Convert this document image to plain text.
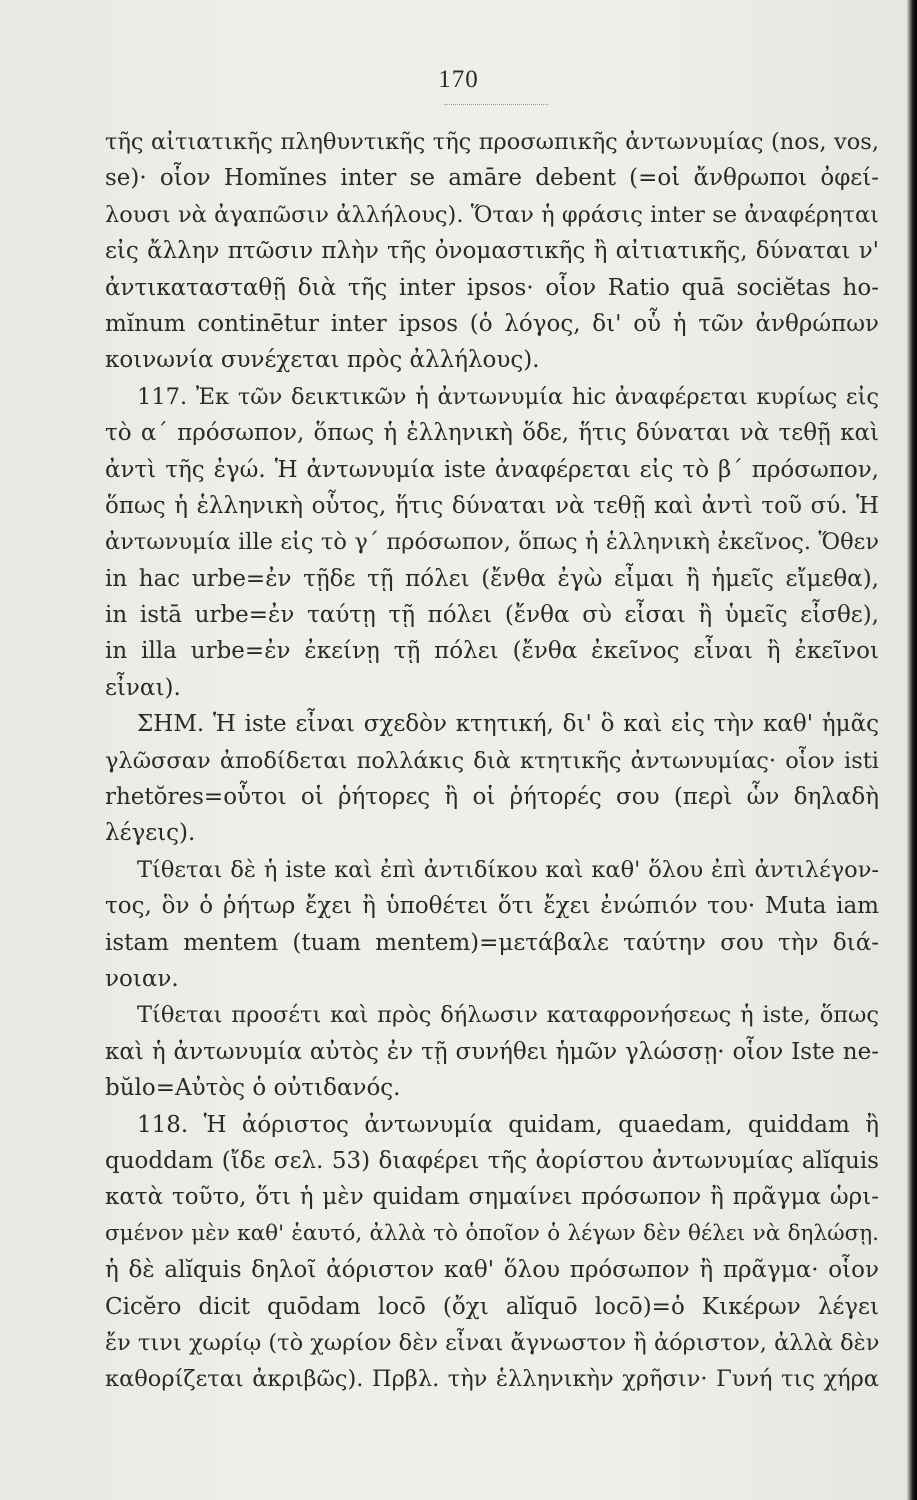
170
τῆς αἰτιατικῆς πληθυντικῆς τῆς προσωπικῆς ἀντωνυμίας (nos, vos,
se)· οἷον Homĭnes inter se amāre debent (=οἱ ἄνθρωποι ὀφεί-
λουσι νὰ ἀγαπῶσιν ἀλλήλους). Ὅταν ἡ φράσις inter se ἀναφέρηται
εἰς ἄλλην πτῶσιν πλὴν τῆς ὀνομαστικῆς ἢ αἰτιατικῆς, δύναται ν'
ἀντικατασταθῇ διὰ τῆς inter ipsos· οἷον Ratio quā sociĕtas ho-
mĭnum continētur inter ipsos (ὁ λόγος, δι' οὗ ἡ τῶν ἀνθρώπων
κοινωνία συνέχεται πρὸς ἀλλήλους).
117. Ἐκ τῶν δεικτικῶν ἡ ἀντωνυμία hic ἀναφέρεται κυρίως εἰς
τὸ α΄ πρόσωπον, ὅπως ἡ ἑλληνικὴ ὅδε, ἥτις δύναται νὰ τεθῇ καὶ
ἀντὶ τῆς ἐγώ. Ἡ ἀντωνυμία iste ἀναφέρεται εἰς τὸ β΄ πρόσωπον,
ὅπως ἡ ἑλληνικὴ οὗτος, ἥτις δύναται νὰ τεθῇ καὶ ἀντὶ τοῦ σύ. Ἡ
ἀντωνυμία ille εἰς τὸ γ΄ πρόσωπον, ὅπως ἡ ἑλληνικὴ ἐκεῖνος. Ὅθεν
in hac urbe=ἐν τῇδε τῇ πόλει (ἔνθα ἐγὼ εἶμαι ἢ ἡμεῖς εἴμεθα),
in istā urbe=ἐν ταύτῃ τῇ πόλει (ἔνθα σὺ εἶσαι ἢ ὑμεῖς εἶσθε),
in illa urbe=ἐν ἐκείνῃ τῇ πόλει (ἔνθα ἐκεῖνος εἶναι ἢ ἐκεῖνοι
εἶναι).
ΣΗΜ. Ἡ iste εἶναι σχεδὸν κτητική, δι' ὃ καὶ εἰς τὴν καθ' ἡμᾶς
γλῶσσαν ἀποδίδεται πολλάκις διὰ κτητικῆς ἀντωνυμίας· οἷον isti
rhetŏres=οὗτοι οἱ ῥήτορες ἢ οἱ ῥήτορές σου (περὶ ὧν δηλαδὴ
λέγεις).
Τίθεται δὲ ἡ iste καὶ ἐπὶ ἀντιδίκου καὶ καθ' ὅλου ἐπὶ ἀντιλέγον-
τος, ὃν ὁ ῥήτωρ ἔχει ἢ ὑποθέτει ὅτι ἔχει ἐνώπιόν του· Muta iam
istam mentem (tuam mentem)=μετάβαλε ταύτην σου τὴν διά-
νοιαν.
Τίθεται προσέτι καὶ πρὸς δήλωσιν καταφρονήσεως ἡ iste, ὅπως
καὶ ἡ ἀντωνυμία αὐτὸς ἐν τῇ συνήθει ἡμῶν γλώσσῃ· οἷον Iste ne-
bŭlo=Αὐτὸς ὁ οὐτιδανός.
118. Ἡ ἀόριστος ἀντωνυμία quidam, quaedam, quiddam ἢ
quoddam (ἴδε σελ. 53) διαφέρει τῆς ἀορίστου ἀντωνυμίας alĭquis
κατὰ τοῦτο, ὅτι ἡ μὲν quidam σημαίνει πρόσωπον ἢ πρᾶγμα ὡρι-
σμένον μὲν καθ' ἑαυτό, ἀλλὰ τὸ ὁποῖον ὁ λέγων δὲν θέλει νὰ δηλώσῃ.
ἡ δὲ alĭquis δηλοῖ ἀόριστον καθ' ὅλου πρόσωπον ἢ πρᾶγμα· οἷον
Cicĕro dicit quōdam locō (ὄχι alĭquō locō)=ὁ Κικέρων λέγει
ἔν τινι χωρίῳ (τὸ χωρίον δὲν εἶναι ἄγνωστον ἢ ἀόριστον, ἀλλὰ δὲν
καθορίζεται ἀκριβῶς). Πρβλ. τὴν ἑλληνικὴν χρῆσιν· Γυνή τις χήρα
